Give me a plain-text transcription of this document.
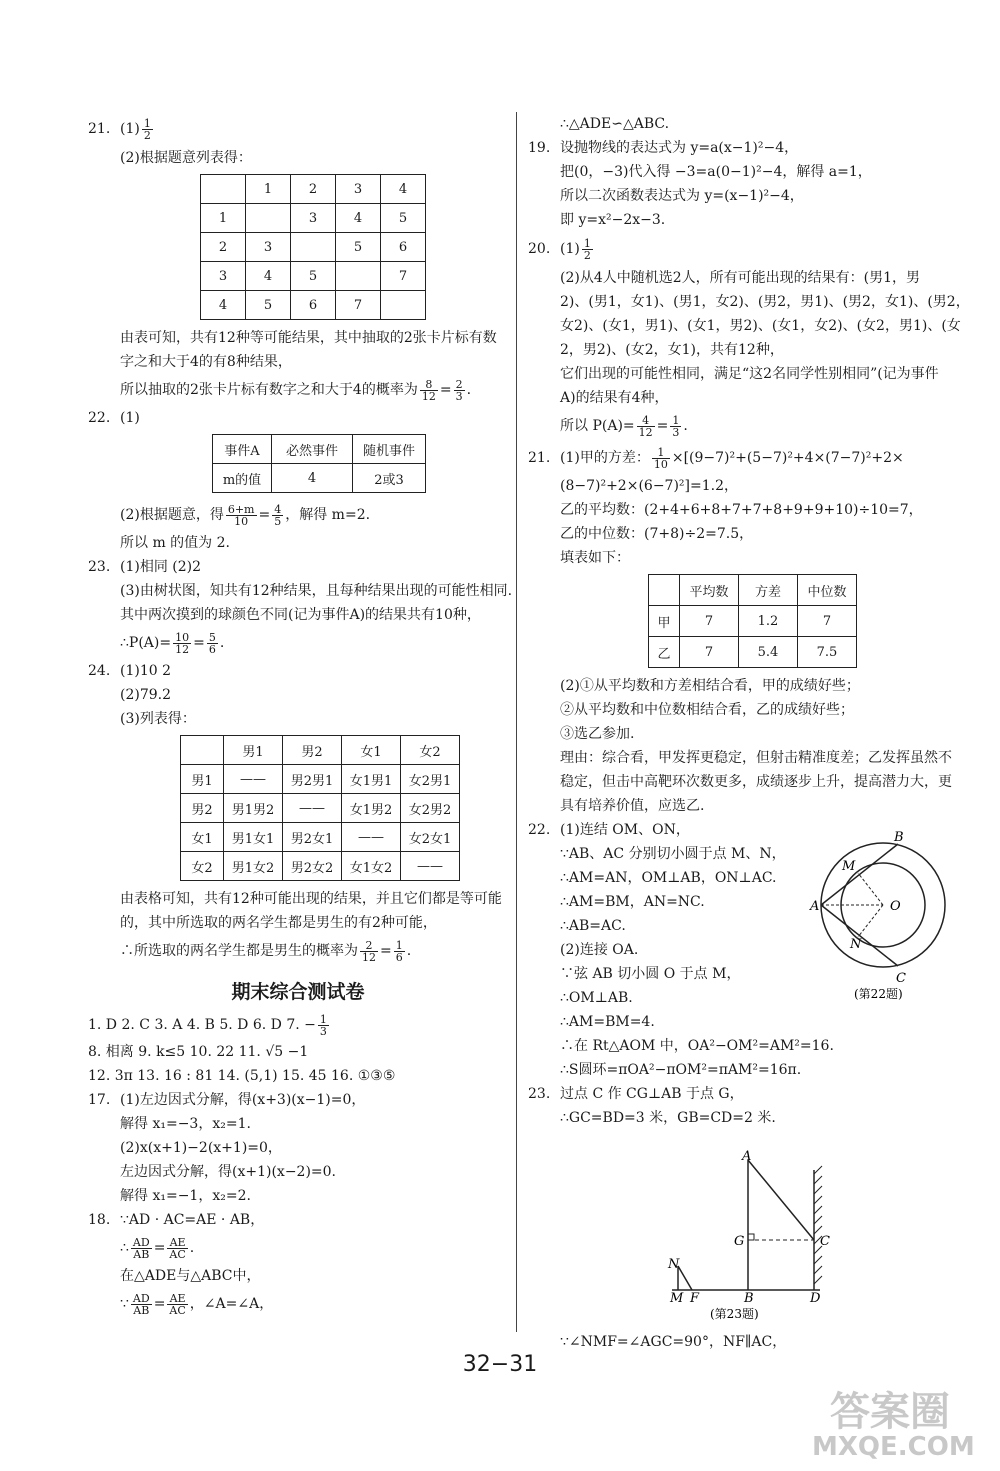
21. $(1) \frac{1}{2}$
(2)根据题意列表得：
	1	2	3	4
1		3	4	5
2	3		5	6
3	4	5		7
4	5	6	7	
由表可知，共有12种等可能结果，其中抽取的2张卡片标有数
字之和大于4的有8种结果，
所以抽取的2张卡片标有数字之和大于4的概率为 $\frac{8}{12} = \frac{2}{3}$ .
22. (1)
事件A	必然事件	随机事件
m的值	4	2或3
(2)根据题意，得 $\frac{6+m}{10} = \frac{4}{5}$ ，解得 m=2.
所以 m 的值为 2.
23. (1)相同 (2)2
(3)由树状图，知共有12种结果，且每种结果出现的可能性相同.
其中两次摸到的球颜色不同(记为事件A)的结果共有10种，
∴P(A)= $\frac{10}{12} = \frac{5}{6}$ .
24. (1)10 2
(2)79.2
(3)列表得：
	男1	男2	女1	女2
男1	——	男2男1	女1男1	女2男1
男2	男1男2	——	女1男2	女2男2
女1	男1女1	男2女1	——	女2女1
女2	男1女2	男2女2	女1女2	——
由表格可知，共有12种可能出现的结果，并且它们都是等可能
的，其中所选取的两名学生都是男生的有2种可能，
∴所选取的两名学生都是男生的概率为 $\frac{2}{12} = \frac{1}{6}$ .
期末综合测试卷
1. D 2. C 3. A 4. B 5. D 6. D 7. − $\frac{1}{3}$
8. 相离 9. k≤5 10. 22 11. √5 −1
12. 3π 13. 16 : 81 14. (5,1) 15. 45 16. ①③⑤
17. (1)左边因式分解，得(x+3)(x−1)=0，
解得 x₁=−3，x₂=1.
(2)x(x+1)−2(x+1)=0，
左边因式分解，得(x+1)(x−2)=0.
解得 x₁=−1，x₂=2.
18. ∵AD · AC=AE · AB，
∴ $\frac{AD}{AB} = \frac{AE}{AC}$ .
在△ADE与△ABC中，
∵ $\frac{AD}{AB} = \frac{AE}{AC}$ ，∠A=∠A，
∴△ADE∽△ABC.
19. 设抛物线的表达式为 y=a(x−1)²−4，
把(0，−3)代入得 −3=a(0−1)²−4，解得 a=1，
所以二次函数表达式为 y=(x−1)²−4，
即 y=x²−2x−3.
20. $(1) \frac{1}{2}$
(2)从4人中随机选2人，所有可能出现的结果有：(男1，男
2)、(男1，女1)、(男1，女2)、(男2，男1)、(男2，女1)、(男2，
女2)、(女1，男1)、(女1，男2)、(女1，女2)、(女2，男1)、(女
2，男2)、(女2，女1)，共有12种，
它们出现的可能性相同，满足“这2名同学性别相同”(记为事件
A)的结果有4种，
所以 $P(A)= \frac{4}{12} = \frac{1}{3}$ .
21. (1)甲的方差： $\frac{1}{10} \times[(9-7)^2+(5-7)^2+4\times(7-7)^2+2\times$
(8−7)²+2×(6−7)²]=1.2，
乙的平均数：(2+4+6+8+7+7+8+9+9+10)÷10=7，
乙的中位数：(7+8)÷2=7.5，
填表如下：
	平均数	方差	中位数
甲	7	1.2	7
乙	7	5.4	7.5
(2)①从平均数和方差相结合看，甲的成绩好些；
②从平均数和中位数相结合看，乙的成绩好些；
③选乙参加.
理由：综合看，甲发挥更稳定，但射击精准度差；乙发挥虽然不
稳定，但击中高靶环次数更多，成绩逐步上升，提高潜力大，更
具有培养价值，应选乙.
22. (1)连结 OM、ON，
∵AB、AC 分别切小圆于点 M、N，
∴AM=AN，OM⊥AB，ON⊥AC.
∴AM=BM，AN=NC.
∴AB=AC.
(2)连接 OA.
∵弦 AB 切小圆 O 于点 M，
∴OM⊥AB.
∴AM=BM=4.
∴在 Rt△AOM 中，OA²−OM²=AM²=16.
∴S圆环=πOA²−πOM²=πAM²=16π.
23. 过点 C 作 CG⊥AB 于点 G，
∴GC=BD=3 米，GB=CD=2 米.
B
M
A	O
N
C
(第22题)
A
G	C
N
M F	B	D
(第23题)
∵∠NMF=∠AGC=90°，NF∥AC，
32−31
答案圈
MXQE.COM
